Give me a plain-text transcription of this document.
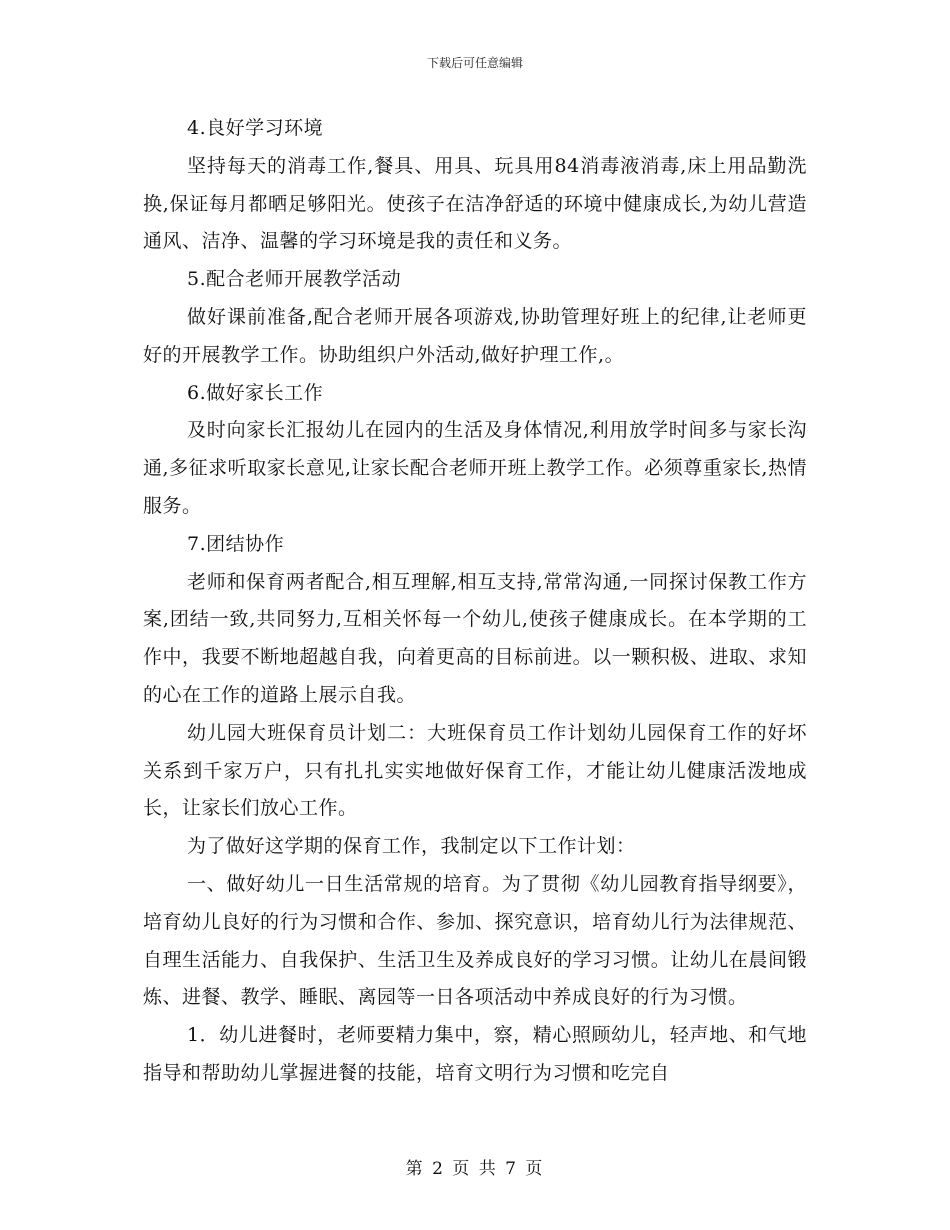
下载后可任意编辑

4.良好学习环境

坚持每天的消毒工作,餐具、用具、玩具用84消毒液消毒,床上用品勤洗换,保证每月都晒足够阳光。使孩子在洁净舒适的环境中健康成长,为幼儿营造通风、洁净、温馨的学习环境是我的责任和义务。

5.配合老师开展教学活动

做好课前准备,配合老师开展各项游戏,协助管理好班上的纪律,让老师更好的开展教学工作。协助组织户外活动,做好护理工作,。

6.做好家长工作

及时向家长汇报幼儿在园内的生活及身体情况,利用放学时间多与家长沟通,多征求听取家长意见,让家长配合老师开班上教学工作。必须尊重家长,热情服务。

7.团结协作

老师和保育两者配合,相互理解,相互支持,常常沟通,一同探讨保教工作方案,团结一致,共同努力,互相关怀每一个幼儿,使孩子健康成长。在本学期的工作中，我要不断地超越自我，向着更高的目标前进。以一颗积极、进取、求知的心在工作的道路上展示自我。

幼儿园大班保育员计划二：大班保育员工作计划幼儿园保育工作的好坏关系到千家万户，只有扎扎实实地做好保育工作，才能让幼儿健康活泼地成长，让家长们放心工作。

为了做好这学期的保育工作，我制定以下工作计划：

一、做好幼儿一日生活常规的培育。为了贯彻《幼儿园教育指导纲要》，培育幼儿良好的行为习惯和合作、参加、探究意识，培育幼儿行为法律规范、自理生活能力、自我保护、生活卫生及养成良好的学习习惯。让幼儿在晨间锻炼、进餐、教学、睡眠、离园等一日各项活动中养成良好的行为习惯。

1．幼儿进餐时，老师要精力集中，察，精心照顾幼儿，轻声地、和气地指导和帮助幼儿掌握进餐的技能，培育文明行为习惯和吃完自

第 2 页 共 7 页
